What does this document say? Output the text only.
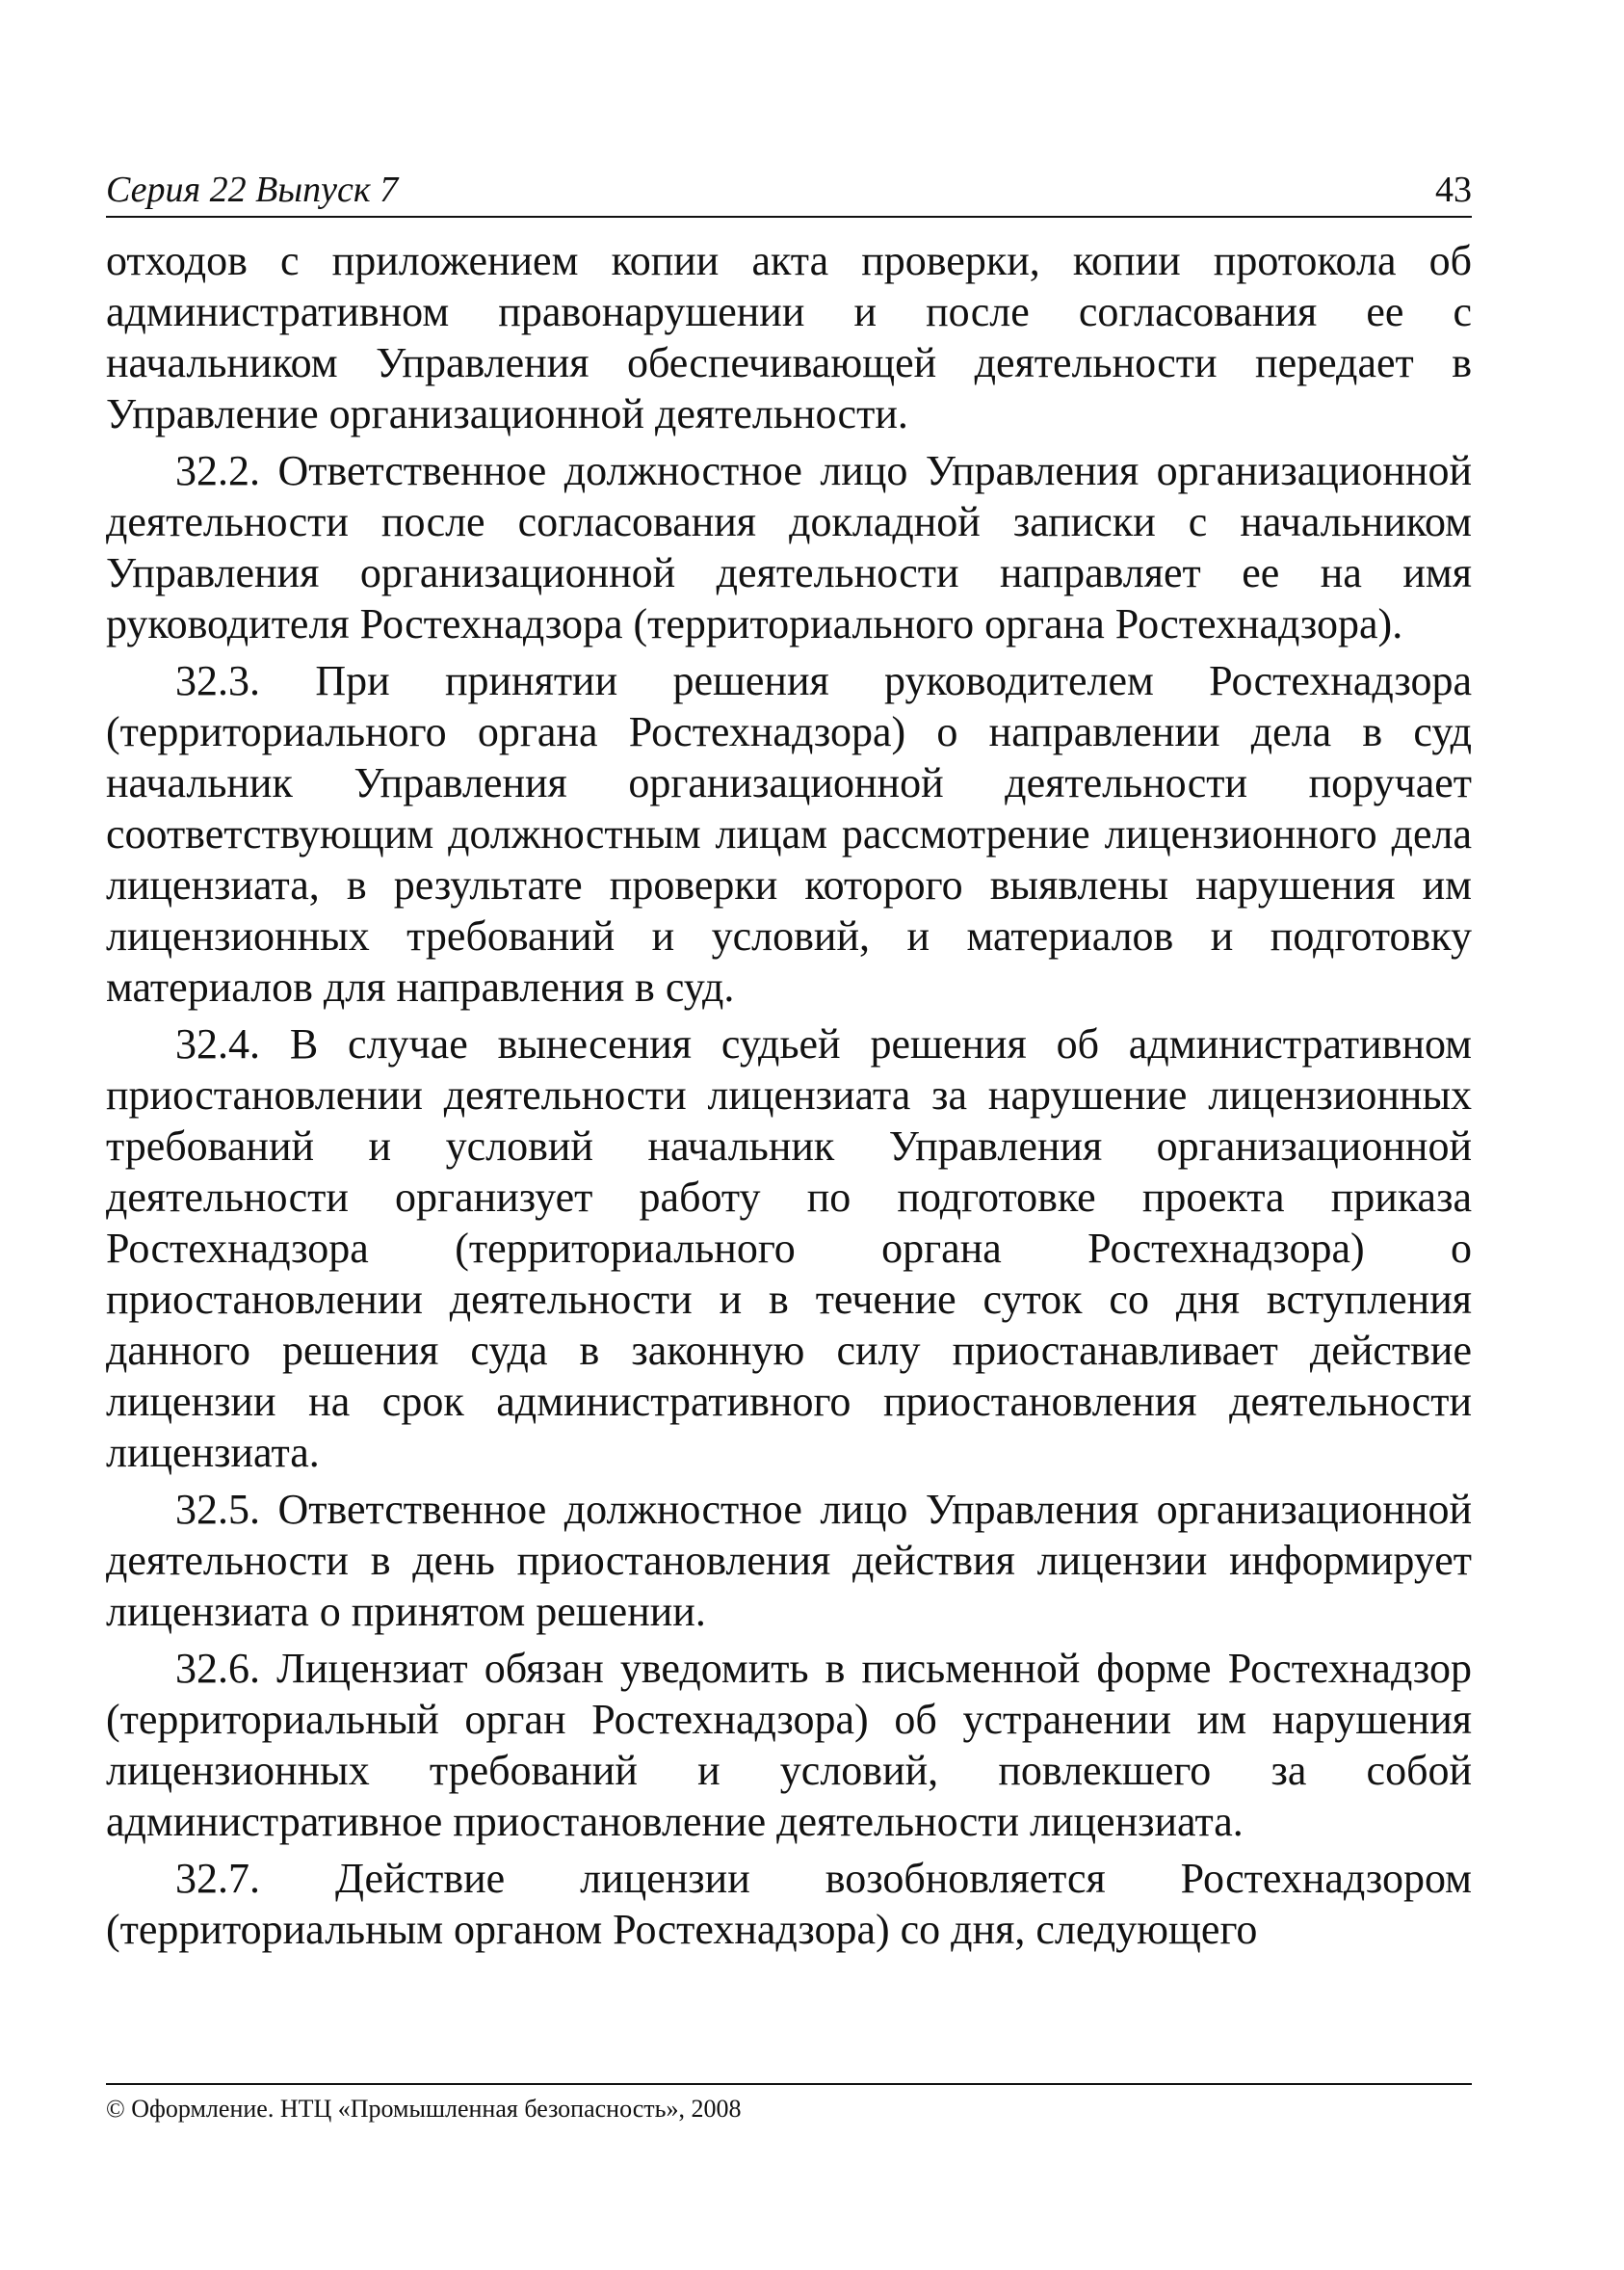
Серия 22 Выпуск 7	43

отходов с приложением копии акта проверки, копии протокола об административном правонарушении и после согласования ее с начальником Управления обеспечивающей деятельности передает в Управление организационной деятельности.

32.2. Ответственное должностное лицо Управления организационной деятельности после согласования докладной записки с начальником Управления организационной деятельности направляет ее на имя руководителя Ростехнадзора (территориального органа Ростехнадзора).

32.3. При принятии решения руководителем Ростехнадзора (территориального органа Ростехнадзора) о направлении дела в суд начальник Управления организационной деятельности поручает соответствующим должностным лицам рассмотрение лицензионного дела лицензиата, в результате проверки которого выявлены нарушения им лицензионных требований и условий, и материалов и подготовку материалов для направления в суд.

32.4. В случае вынесения судьей решения об административном приостановлении деятельности лицензиата за нарушение лицензионных требований и условий начальник Управления организационной деятельности организует работу по подготовке проекта приказа Ростехнадзора (территориального органа Ростехнадзора) о приостановлении деятельности и в течение суток со дня вступления данного решения суда в законную силу приостанавливает действие лицензии на срок административного приостановления деятельности лицензиата.

32.5. Ответственное должностное лицо Управления организационной деятельности в день приостановления действия лицензии информирует лицензиата о принятом решении.

32.6. Лицензиат обязан уведомить в письменной форме Ростехнадзор (территориальный орган Ростехнадзора) об устранении им нарушения лицензионных требований и условий, повлекшего за собой административное приостановление деятельности лицензиата.

32.7. Действие лицензии возобновляется Ростехнадзором (территориальным органом Ростехнадзора) со дня, следующего

© Оформление. НТЦ «Промышленная безопасность», 2008
